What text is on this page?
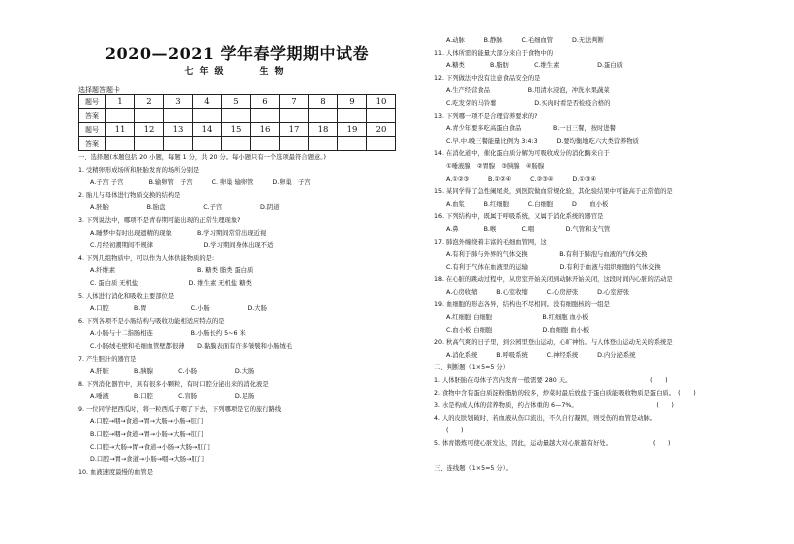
2020—2021 学年春学期期中试卷
七年级　　生物
选择题答题卡
题号	1	2	3	4	5	6	7	8	9	10
答案										
题号	11	12	13	14	15	16	17	18	19	20
答案										
一、选择题(本题包括 20 小题，每题 1 分，共 20 分。每小题只有一个选项最符合题意。)
1. 受精卵形成场所和胚胎发育的场所分别是
A.子宫 子宫　　　　B.输卵管　子宫　　　C. 卵巢 输卵管　　　D.卵巢　子宫
2. 胎儿与母体进行物质交换的结构是
A.胚胎　　　　　　B.胎盘　　　　　　C.子宫　　　　　　D.阴道
3. 下列说法中，哪项不是青春期可能出现的正常生理现象?
A.睡梦中有时出现遗精的现象　　　　B.学习期间常常出现近视
C.月经初潮期间不规律　　　　　　　　D.学习期间身体出现不适
4. 下列几组物质中，可以作为人体供能物质的是:
A.纤维素　　　　　　　　　　　　　B. 糖类 脂类 蛋白质
C. 蛋白质 无机盐　　　　　　　　D. 维生素 无机盐 糖类
5. 人体进行消化和吸收主要部位是
A.口腔　　　　B.胃　　　　　　　C.小肠　　　　　　D.大肠
6. 下列各项不是小肠结构与吸收功能相适应特点的是
A.小肠与十二指肠相连　　　　　　B.小肠长约 5~6 米
C.小肠绒毛壁和毛细血管壁都很薄　　D.黏膜表面有许多皱襞和小肠绒毛
7. 产生胆汁的器官是
A.肝脏　　　　B.胰腺　　　　C.小肠　　　　　　D.大肠
8. 下列消化器官中，具有很多小颗粒，有时口腔分泌出来的消化液是
A.唾液　　　　B.口腔　　　　C.盲肠　　　　　　D.足肠
9. 一位同学把西瓜时，将一粒西瓜子咽了下去，下列哪项是它的旅行路线
A.口腔→咽→食道→胃→大肠→小肠→肛门
B.口腔→咽→食道→胃→小肠→大肠→肛门
C.口腔→大肠→胃→食道→小肠→大肠→肛门
D.口腔→胃→食道→小肠→咽→大肠→肛门
10. 血液速度最慢的血管是
A.动脉　　　B.静脉　　　C.毛细血管　　　D.无法判断
11. 人体所需的能量大部分来自于食物中的
A.糖类　　　　B.脂肪　　　　C.维生素　　　　　　D.蛋白质
12. 下列做法中没有注意食品安全的是
A.生产经营食品　　　　　　B.用清水浸泡，冲洗水果蔬菜
C.吃发芽的马铃薯　　　　　　D.买肉时看是否检疫合格的
13. 下列哪一项不是合理营养要求的?
A.青少年要多吃高蛋白食品　　　　　B.一日三餐，按时进餐
C.早.中.晚三餐能量比例为 3:4:3　　　D.要均衡地吃六大类营养物质
14. 在消化道中，催化蛋白质分解为可吸收成分的消化酶来自于
①唾液腺　②胃腺　③胰腺　④肠腺
A.①②③　　　B.①②④　　　C.②③④　　　D.①③④
15. 某同学得了急性阑尾炎，到医院做血常规化验，其化验结果中可能高于正常值的是
A.血浆　　　B.红细胞　　　C.白细胞　　　D　　血小板
16. 下列结构中，既属于呼吸系统，又属于消化系统的器官是
A.鼻　　　　B.喉　　　　C.咽　　　　　D.气管和支气管
17. 肺泡外缠绕着丰富的毛细血管网，这
A.有利于肺与外界的气体交换　　　　　B.有利于肺泡与血液的气体交换
C.有利于气体在血液里的运输　　　　　D.有利于血液与组织细胞的气体交换
18. 在心脏的跳动过程中，从房室开始关闭到动脉开始关闭，这段时间内心脏的活动是
A.心房收缩　　　B.心室收缩　　　C.心房舒张　　　D.心室舒张
19. 血细胞的形态各异，结构也不尽相同。没有细胞核的一组是
A.红细胞 白细胞　　　　　　　　B.红细胞 血小板
C.血小板 白细胞　　　　　　　　D.血细胞 血小板
20. 秋高气爽的日子里，到公园里登山运动，心旷神怡。与人体登山运动无关的系统是
A.消化系统　　　B.呼吸系统　　　C.神经系统　　　D.内分泌系统
二、判断题（1×5=5 分）
1. 人体胚胎在母体子宫内发育一般需要 280 天。　　　　　　　　　　　　　(　　)
2. 食物中含有蛋白质淀粉脂肪的较多，炒菜时最后放盐于蛋白质能吸收物质是蛋白质。　(　　)
3. 水是构成人体的营养物质，约占体重的 6—7%。　　　　　　　　　　　　　(　　)
4. 人的皮肤划破时，若血液从伤口流出，不久自行凝固，则受伤的血管是动脉。
(　　)
5. 体育锻炼可使心脏发达，因此，运动量越大对心脏越有好处。　　　　　　　(　　)
三、连线题（1×5=5 分）。
